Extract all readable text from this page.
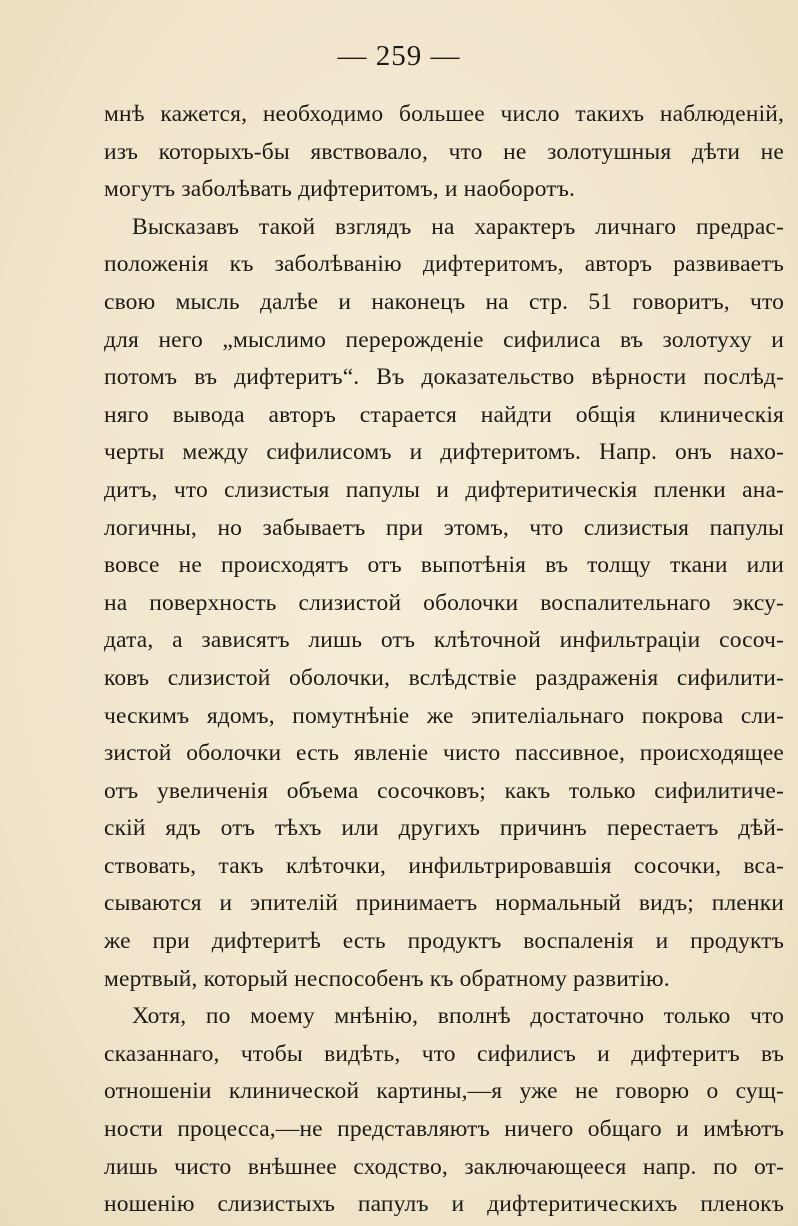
— 259 —
мнѣ кажется, необходимо большее число такихъ наблюденій,
изъ которыхъ-бы явствовало, что не золотушныя дѣти не
могутъ заболѣвать дифтеритомъ, и наоборотъ.
Высказавъ такой взглядъ на характеръ личнаго предрас-
положенія къ заболѣванію дифтеритомъ, авторъ развиваетъ
свою мысль далѣе и наконецъ на стр. 51 говоритъ, что
для него „мыслимо перерожденіе сифилиса въ золотуху и
потомъ въ дифтеритъ“. Въ доказательство вѣрности послѣд-
няго вывода авторъ старается найдти общія клиническія
черты между сифилисомъ и дифтеритомъ. Напр. онъ нахо-
дитъ, что слизистыя папулы и дифтеритическія пленки ана-
логичны, но забываетъ при этомъ, что слизистыя папулы
вовсе не происходятъ отъ выпотѣнія въ толщу ткани или
на поверхность слизистой оболочки воспалительнаго эксу-
дата, а зависятъ лишь отъ клѣточной инфильтраціи сосоч-
ковъ слизистой оболочки, вслѣдствіе раздраженія сифилити-
ческимъ ядомъ, помутнѣніе же эпителіальнаго покрова сли-
зистой оболочки есть явленіе чисто пассивное, происходящее
отъ увеличенія объема сосочковъ; какъ только сифилитиче-
скій ядъ отъ тѣхъ или другихъ причинъ перестаетъ дѣй-
ствовать, такъ клѣточки, инфильтрировавшія сосочки, вса-
сываются и эпителій принимаетъ нормальный видъ; пленки
же при дифтеритѣ есть продуктъ воспаленія и продуктъ
мертвый, который неспособенъ къ обратному развитію.
Хотя, по моему мнѣнію, вполнѣ достаточно только что
сказаннаго, чтобы видѣть, что сифилисъ и дифтеритъ въ
отношеніи клинической картины,—я уже не говорю о сущ-
ности процесса,—не представляютъ ничего общаго и имѣютъ
лишь чисто внѣшнее сходство, заключающееся напр. по от-
ношенію слизистыхъ папулъ и дифтеритическихъ пленокъ
